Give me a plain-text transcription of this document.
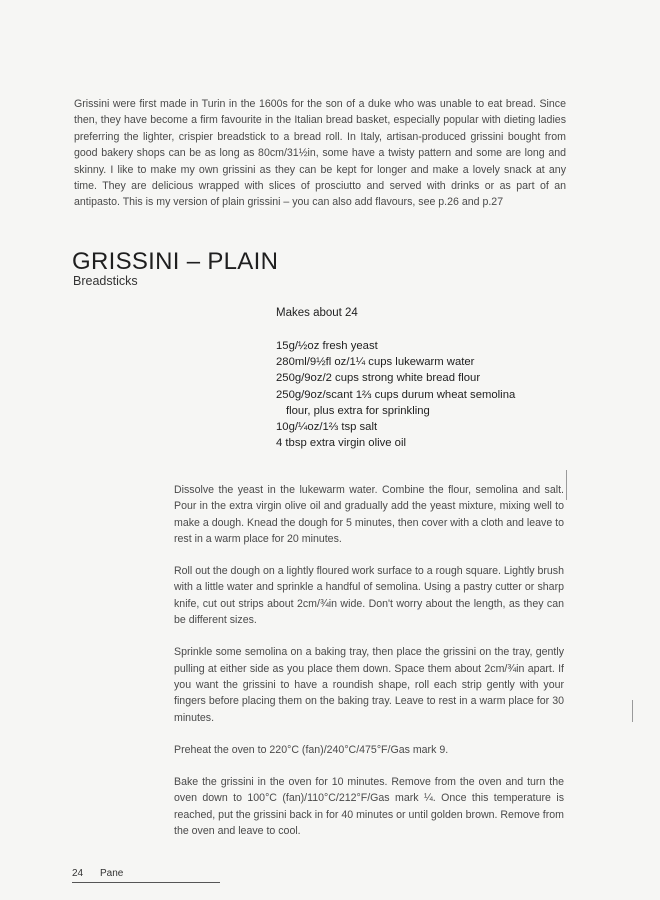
Grissini were first made in Turin in the 1600s for the son of a duke who was unable to eat bread. Since then, they have become a firm favourite in the Italian bread basket, especially popular with dieting ladies preferring the lighter, crispier breadstick to a bread roll. In Italy, artisan-produced grissini bought from good bakery shops can be as long as 80cm/31½in, some have a twisty pattern and some are long and skinny. I like to make my own grissini as they can be kept for longer and make a lovely snack at any time. They are delicious wrapped with slices of prosciutto and served with drinks or as part of an antipasto. This is my version of plain grissini – you can also add flavours, see p.26 and p.27

GRISSINI – PLAIN

Breadsticks

Makes about 24

15g/½oz fresh yeast
280ml/9½fl oz/1¼ cups lukewarm water
250g/9oz/2 cups strong white bread flour
250g/9oz/scant 1⅔ cups durum wheat semolina
flour, plus extra for sprinkling
10g/¼oz/1⅔ tsp salt
4 tbsp extra virgin olive oil

Dissolve the yeast in the lukewarm water. Combine the flour, semolina and salt. Pour in the extra virgin olive oil and gradually add the yeast mixture, mixing well to make a dough. Knead the dough for 5 minutes, then cover with a cloth and leave to rest in a warm place for 20 minutes.

Roll out the dough on a lightly floured work surface to a rough square. Lightly brush with a little water and sprinkle a handful of semolina. Using a pastry cutter or sharp knife, cut out strips about 2cm/¾in wide. Don't worry about the length, as they can be different sizes.

Sprinkle some semolina on a baking tray, then place the grissini on the tray, gently pulling at either side as you place them down. Space them about 2cm/¾in apart. If you want the grissini to have a roundish shape, roll each strip gently with your fingers before placing them on the baking tray. Leave to rest in a warm place for 30 minutes.

Preheat the oven to 220°C (fan)/240°C/475°F/Gas mark 9.

Bake the grissini in the oven for 10 minutes. Remove from the oven and turn the oven down to 100°C (fan)/110°C/212°F/Gas mark ¼. Once this temperature is reached, put the grissini back in for 40 minutes or until golden brown. Remove from the oven and leave to cool.

24 Pane
